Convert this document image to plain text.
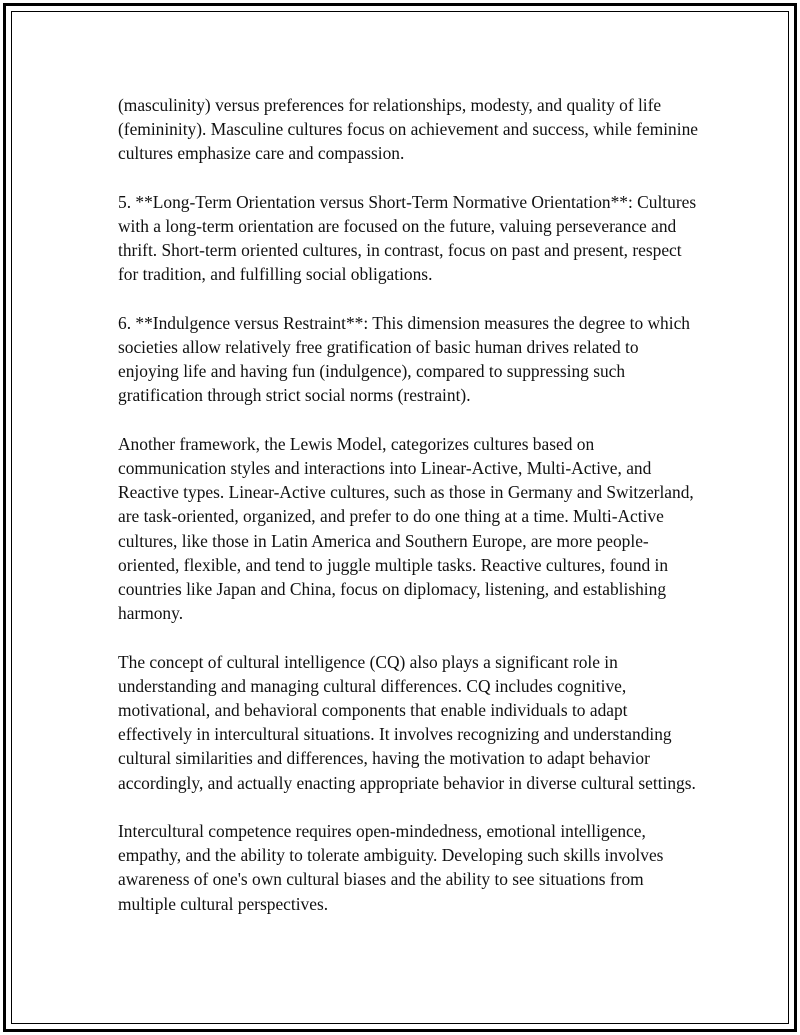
(masculinity) versus preferences for relationships, modesty, and quality of life (femininity). Masculine cultures focus on achievement and success, while feminine cultures emphasize care and compassion.

5. **Long-Term Orientation versus Short-Term Normative Orientation**: Cultures with a long-term orientation are focused on the future, valuing perseverance and thrift. Short-term oriented cultures, in contrast, focus on past and present, respect for tradition, and fulfilling social obligations.

6. **Indulgence versus Restraint**: This dimension measures the degree to which societies allow relatively free gratification of basic human drives related to enjoying life and having fun (indulgence), compared to suppressing such gratification through strict social norms (restraint).

Another framework, the Lewis Model, categorizes cultures based on communication styles and interactions into Linear-Active, Multi-Active, and Reactive types. Linear-Active cultures, such as those in Germany and Switzerland, are task-oriented, organized, and prefer to do one thing at a time. Multi-Active cultures, like those in Latin America and Southern Europe, are more people-oriented, flexible, and tend to juggle multiple tasks. Reactive cultures, found in countries like Japan and China, focus on diplomacy, listening, and establishing harmony.

The concept of cultural intelligence (CQ) also plays a significant role in understanding and managing cultural differences. CQ includes cognitive, motivational, and behavioral components that enable individuals to adapt effectively in intercultural situations. It involves recognizing and understanding cultural similarities and differences, having the motivation to adapt behavior accordingly, and actually enacting appropriate behavior in diverse cultural settings.

Intercultural competence requires open-mindedness, emotional intelligence, empathy, and the ability to tolerate ambiguity. Developing such skills involves awareness of one's own cultural biases and the ability to see situations from multiple cultural perspectives.
